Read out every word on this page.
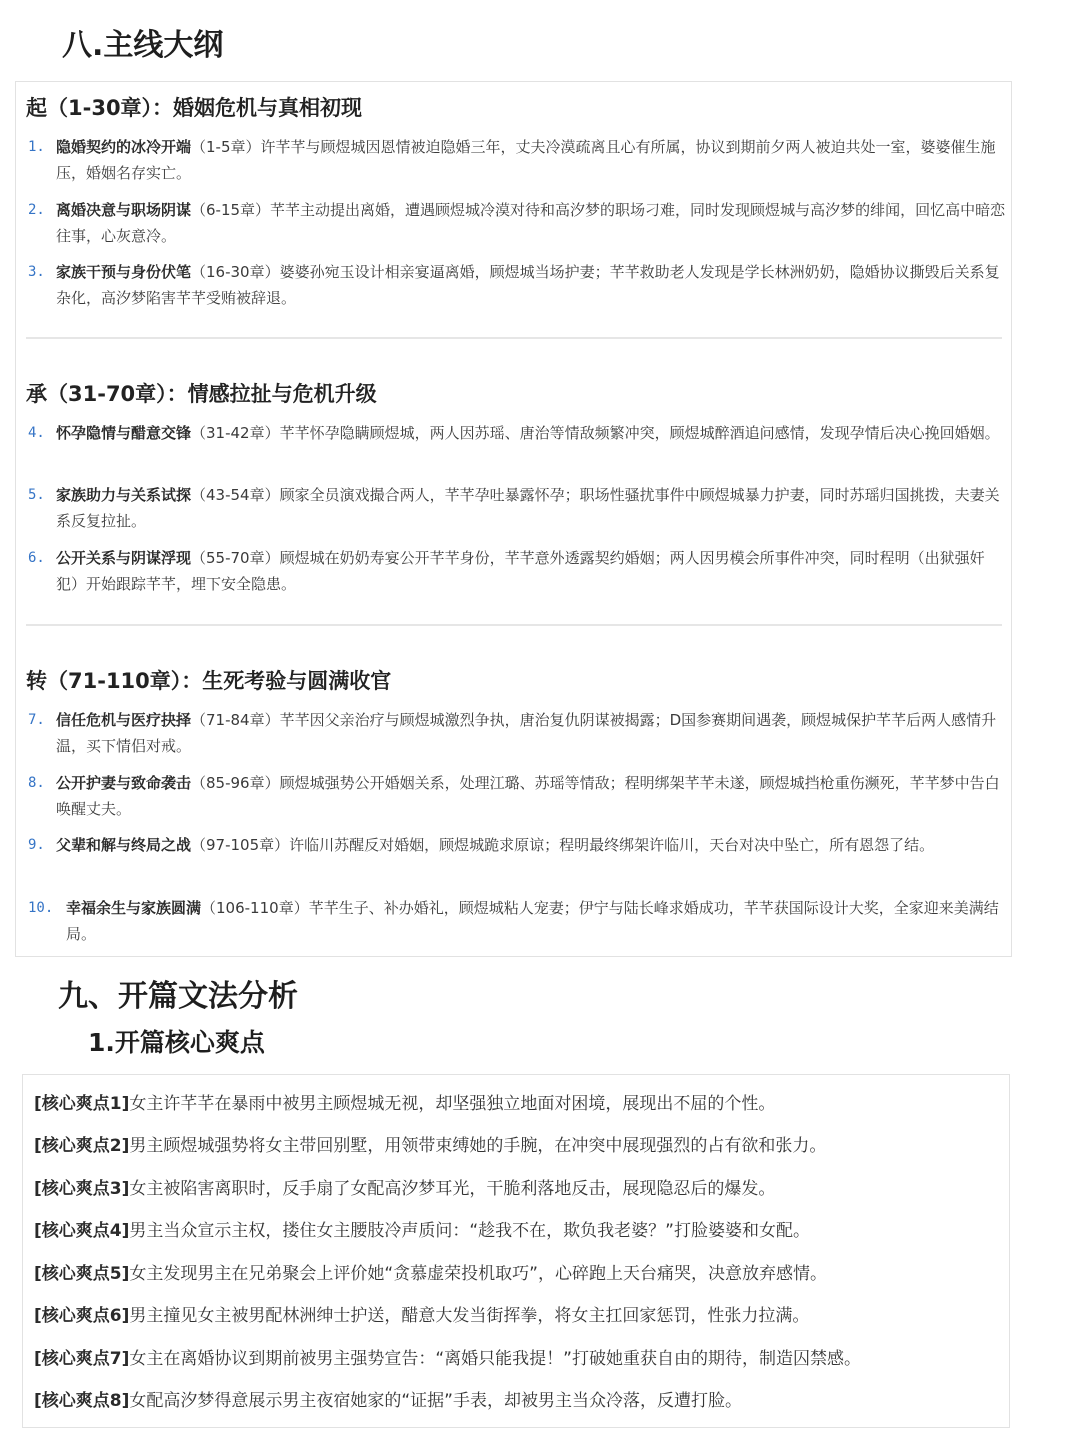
八.主线大纲
起（1-30章）：婚姻危机与真相初现
1. 隐婚契约的冰冷开端（1-5章）许芊芊与顾煜城因恩情被迫隐婚三年，丈夫冷漠疏离且心有所属，协议到期前夕两人被迫共处一室，婆婆催生施压，婚姻名存实亡。
2. 离婚决意与职场阴谋（6-15章）芊芊主动提出离婚，遭遇顾煜城冷漠对待和高汐梦的职场刁难，同时发现顾煜城与高汐梦的绯闻，回忆高中暗恋往事，心灰意冷。
3. 家族干预与身份伏笔（16-30章）婆婆孙宛玉设计相亲宴逼离婚，顾煜城当场护妻；芊芊救助老人发现是学长林洲奶奶，隐婚协议撕毁后关系复杂化，高汐梦陷害芊芊受贿被辞退。
承（31-70章）：情感拉扯与危机升级
4. 怀孕隐情与醋意交锋（31-42章）芊芊怀孕隐瞒顾煜城，两人因苏瑶、唐治等情敌频繁冲突，顾煜城醉酒追问感情，发现孕情后决心挽回婚姻。
5. 家族助力与关系试探（43-54章）顾家全员演戏撮合两人，芊芊孕吐暴露怀孕；职场性骚扰事件中顾煜城暴力护妻，同时苏瑶归国挑拨，夫妻关系反复拉扯。
6. 公开关系与阴谋浮现（55-70章）顾煜城在奶奶寿宴公开芊芊身份，芊芊意外透露契约婚姻；两人因男模会所事件冲突，同时程明（出狱强奸犯）开始跟踪芊芊，埋下安全隐患。
转（71-110章）：生死考验与圆满收官
7. 信任危机与医疗抉择（71-84章）芊芊因父亲治疗与顾煜城激烈争执，唐治复仇阴谋被揭露；D国参赛期间遇袭，顾煜城保护芊芊后两人感情升温，买下情侣对戒。
8. 公开护妻与致命袭击（85-96章）顾煜城强势公开婚姻关系，处理江璐、苏瑶等情敌；程明绑架芊芊未遂，顾煜城挡枪重伤濒死，芊芊梦中告白唤醒丈夫。
9. 父辈和解与终局之战（97-105章）许临川苏醒反对婚姻，顾煜城跪求原谅；程明最终绑架许临川，天台对决中坠亡，所有恩怨了结。
10. 幸福余生与家族圆满（106-110章）芊芊生子、补办婚礼，顾煜城粘人宠妻；伊宁与陆长峰求婚成功，芊芊获国际设计大奖，全家迎来美满结局。
九、开篇文法分析
1.开篇核心爽点
[核心爽点1]女主许芊芊在暴雨中被男主顾煜城无视，却坚强独立地面对困境，展现出不屈的个性。
[核心爽点2]男主顾煜城强势将女主带回别墅，用领带束缚她的手腕，在冲突中展现强烈的占有欲和张力。
[核心爽点3]女主被陷害离职时，反手扇了女配高汐梦耳光，干脆利落地反击，展现隐忍后的爆发。
[核心爽点4]男主当众宣示主权，搂住女主腰肢冷声质问：“趁我不在，欺负我老婆？”打脸婆婆和女配。
[核心爽点5]女主发现男主在兄弟聚会上评价她“贪慕虚荣投机取巧”，心碎跑上天台痛哭，决意放弃感情。
[核心爽点6]男主撞见女主被男配林洲绅士护送，醋意大发当街挥拳，将女主扛回家惩罚，性张力拉满。
[核心爽点7]女主在离婚协议到期前被男主强势宣告：“离婚只能我提！”打破她重获自由的期待，制造囚禁感。
[核心爽点8]女配高汐梦得意展示男主夜宿她家的“证据”手表，却被男主当众冷落，反遭打脸。
